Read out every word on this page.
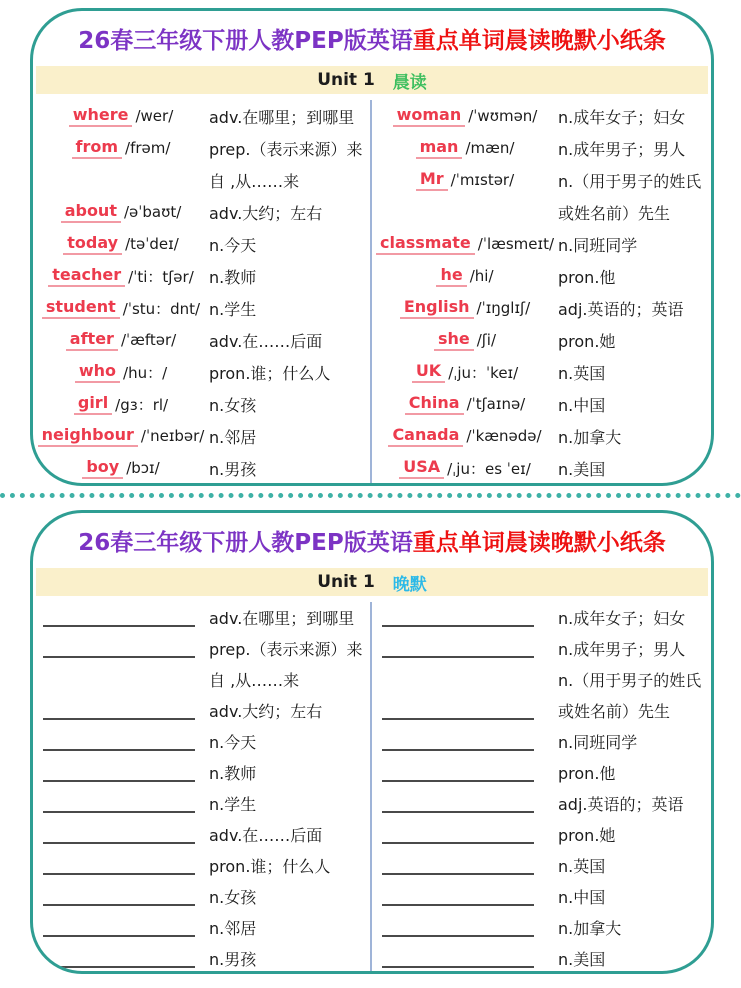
26春三年级下册人教PEP版英语重点单词晨读晚默小纸条
Unit 1 晨读
where /wer/ adv.在哪里；到哪里
from /frəm/ prep.（表示来源）来
自 ,从……来
about /əˈbaʊt/ adv.大约；左右
today /təˈdeɪ/ n.今天
teacher /ˈti：tʃər/ n.教师
student /ˈstu：dnt/ n.学生
after /ˈæftər/ adv.在……后面
who /hu：/	pron.谁；什么人
girl /gɜ：rl/	n.女孩
neighbour /ˈneɪbər/ n.邻居
boy /bɔɪ/	n.男孩
woman /ˈwʊmən/ n.成年女子；妇女
man /mæn/	n.成年男子；男人
Mr /ˈmɪstər/	n.（用于男子的姓氏
或姓名前）先生
classmate /ˈlæsmeɪt/ n.同班同学
he /hi/	pron.他
English /ˈɪŋglɪʃ/ adj.英语的；英语
she /ʃi/	pron.她
UK /ˌju：ˈkeɪ/ n.英国
China /ˈtʃaɪnə/ n.中国
Canada /ˈkænədə/ n.加拿大
USA /ˌju：es ˈeɪ/ n.美国
26春三年级下册人教PEP版英语重点单词晨读晚默小纸条
Unit 1 晚默
adv.在哪里；到哪里
prep.（表示来源）来
自 ,从……来
adv.大约；左右
n.今天
n.教师
n.学生
adv.在……后面
pron.谁；什么人
n.女孩
n.邻居
n.男孩
n.成年女子；妇女
n.成年男子；男人
n.（用于男子的姓氏
或姓名前）先生
n.同班同学
pron.他
adj.英语的；英语
pron.她
n.英国
n.中国
n.加拿大
n.美国
